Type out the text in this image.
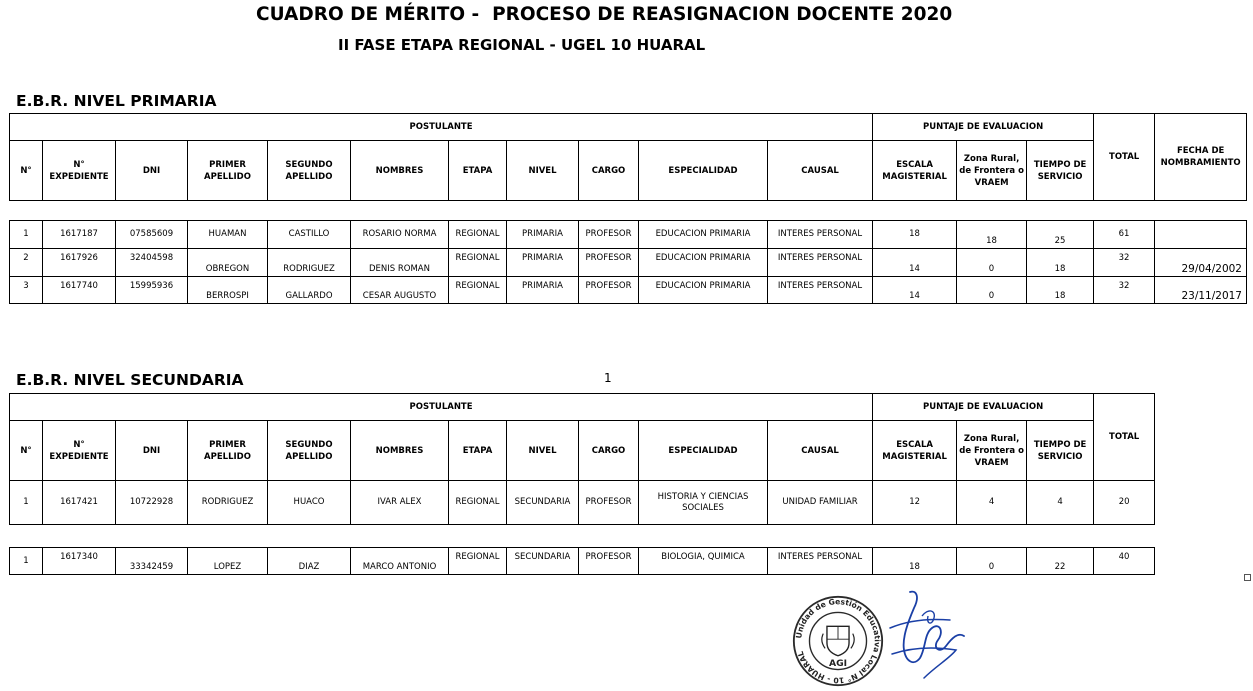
CUADRO DE MÉRITO -  PROCESO DE REASIGNACION DOCENTE 2020
II FASE ETAPA REGIONAL - UGEL 10 HUARAL
E.B.R. NIVEL PRIMARIA
POSTULANTE											PUNTAJE DE EVALUACION			TOTAL	FECHA DE NOMBRAMIENTO
N°	N° EXPEDIENTE	DNI	PRIMER APELLIDO	SEGUNDO APELLIDO	NOMBRES	ETAPA	NIVEL	CARGO	ESPECIALIDAD	CAUSAL	ESCALA MAGISTERIAL	Zona Rural, de Frontera o VRAEM	TIEMPO DE SERVICIO		
1	1617187	07585609	HUAMAN	CASTILLO	ROSARIO NORMA	REGIONAL	PRIMARIA	PROFESOR	EDUCACION PRIMARIA	INTERES PERSONAL	18	18	25	61	
2	1617926	32404598	OBREGON	RODRIGUEZ	DENIS ROMAN	REGIONAL	PRIMARIA	PROFESOR	EDUCACION PRIMARIA	INTERES PERSONAL	14	0	18	32	29/04/2002
3	1617740	15995936	BERROSPI	GALLARDO	CESAR AUGUSTO	REGIONAL	PRIMARIA	PROFESOR	EDUCACION PRIMARIA	INTERES PERSONAL	14	0	18	32	23/11/2017
1
E.B.R. NIVEL SECUNDARIA
POSTULANTE											PUNTAJE DE EVALUACION			TOTAL
N°	N° EXPEDIENTE	DNI	PRIMER APELLIDO	SEGUNDO APELLIDO	NOMBRES	ETAPA	NIVEL	CARGO	ESPECIALIDAD	CAUSAL	ESCALA MAGISTERIAL	Zona Rural, de Frontera o VRAEM	TIEMPO DE SERVICIO	
1	1617421	10722928	RODRIGUEZ	HUACO	IVAR ALEX	REGIONAL	SECUNDARIA	PROFESOR	HISTORIA Y CIENCIAS SOCIALES	UNIDAD FAMILIAR	12	4	4	20
1	1617340	33342459	LOPEZ	DIAZ	MARCO ANTONIO	REGIONAL	SECUNDARIA	PROFESOR	BIOLOGIA, QUIMICA	INTERES PERSONAL	18	0	22	40
Unidad de Gestión Educativa Local N° 10 - HUARAL
AGI
